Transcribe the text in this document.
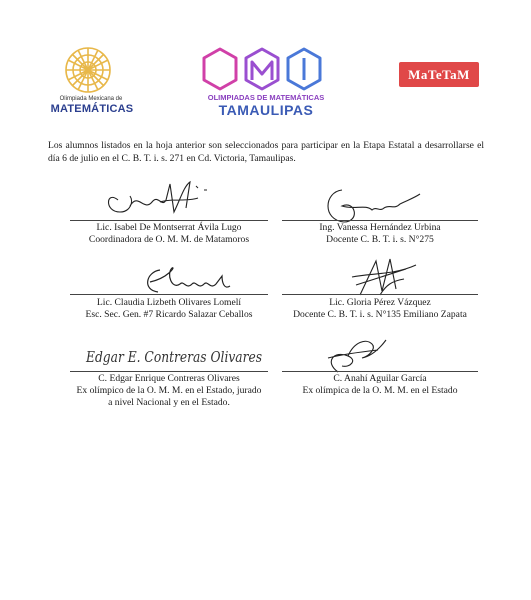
Olimpiada Mexicana de
MATEMÁTICAS
OLIMPIADAS DE MATEMÁTICAS
TAMAULIPAS
MaTeTaM
Los alumnos listados en la hoja anterior son seleccionados para participar en la Etapa Estatal a desarrollarse el día 6 de julio en el C. B. T. i. s. 271 en Cd. Victoria, Tamaulipas.
Lic. Isabel De Montserrat Ávila Lugo
Coordinadora de O. M. M. de Matamoros
Ing. Vanessa Hernández Urbina
Docente C. B. T. i. s. N°275
Lic. Claudia Lizbeth Olivares Lomelí
Esc. Sec. Gen. #7 Ricardo Salazar Ceballos
Lic. Gloria Pérez Vázquez
Docente C. B. T. i. s. N°135 Emiliano Zapata
Edgar E. Contreras Olivares
C. Edgar Enrique Contreras Olivares
Ex olímpico de la O. M. M. en el Estado, jurado a nivel Nacional y en el Estado.
C. Anahí Aguilar García
Ex olímpica de la O. M. M. en el Estado
